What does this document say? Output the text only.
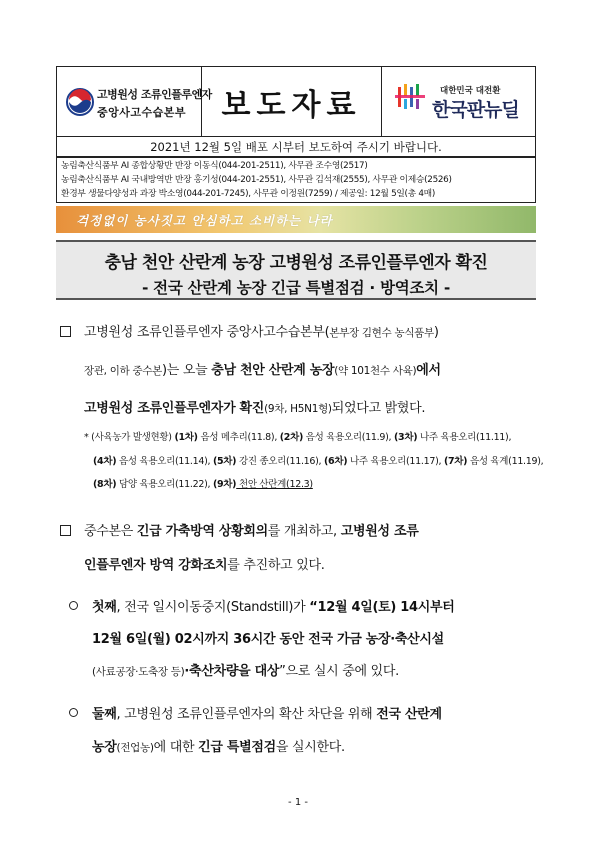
고병원성 조류인플루엔자
중앙사고수습본부 보도자료	대한민국 대전환
한국판뉴딜
2021년 12월 5일 배포 시부터 보도하여 주시기 바랍니다.
농림축산식품부 AI 종합상황반 반장 이동식(044-201-2511), 사무관 조수영(2517)
농림축산식품부 AI 국내방역반 반장 홍기성(044-201-2551), 사무관 김석재(2555), 사무관 이제승(2526)
환경부 생물다양성과 과장 박소영(044-201-7245), 사무관 이정원(7259) / 제공일: 12월 5일(총 4매)
걱정없이 농사짓고 안심하고 소비하는 나라
충남 천안 산란계 농장 고병원성 조류인플루엔자 확진
- 전국 산란계 농장 긴급 특별점검 · 방역조치 -
고병원성 조류인플루엔자 중앙사고수습본부(본부장 김현수 농식품부)
장관, 이하 중수본)는 오늘 충남 천안 산란계 농장(약 101천수 사육)에서
고병원성 조류인플루엔자가 확진(9차, H5N1형)되었다고 밝혔다.
* (사육농가 발생현황) (1차) 음성 메추리(11.8), (2차) 음성 육용오리(11.9), (3차) 나주 육용오리(11.11),
(4차) 음성 육용오리(11.14), (5차) 강진 종오리(11.16), (6차) 나주 육용오리(11.17), (7차) 음성 육계(11.19),
(8차) 담양 육용오리(11.22), (9차) 천안 산란계(12.3)
중수본은 긴급 가축방역 상황회의를 개최하고, 고병원성 조류
인플루엔자 방역 강화조치를 추진하고 있다.
첫째, 전국 일시이동중지(Standstill)가 “12월 4일(토) 14시부터
12월 6일(월) 02시까지 36시간 동안 전국 가금 농장·축산시설
(사료공장·도축장 등)·축산차량을 대상”으로 실시 중에 있다.
둘째, 고병원성 조류인플루엔자의 확산 차단을 위해 전국 산란계
농장(전업농)에 대한 긴급 특별점검을 실시한다.
- 1 -
